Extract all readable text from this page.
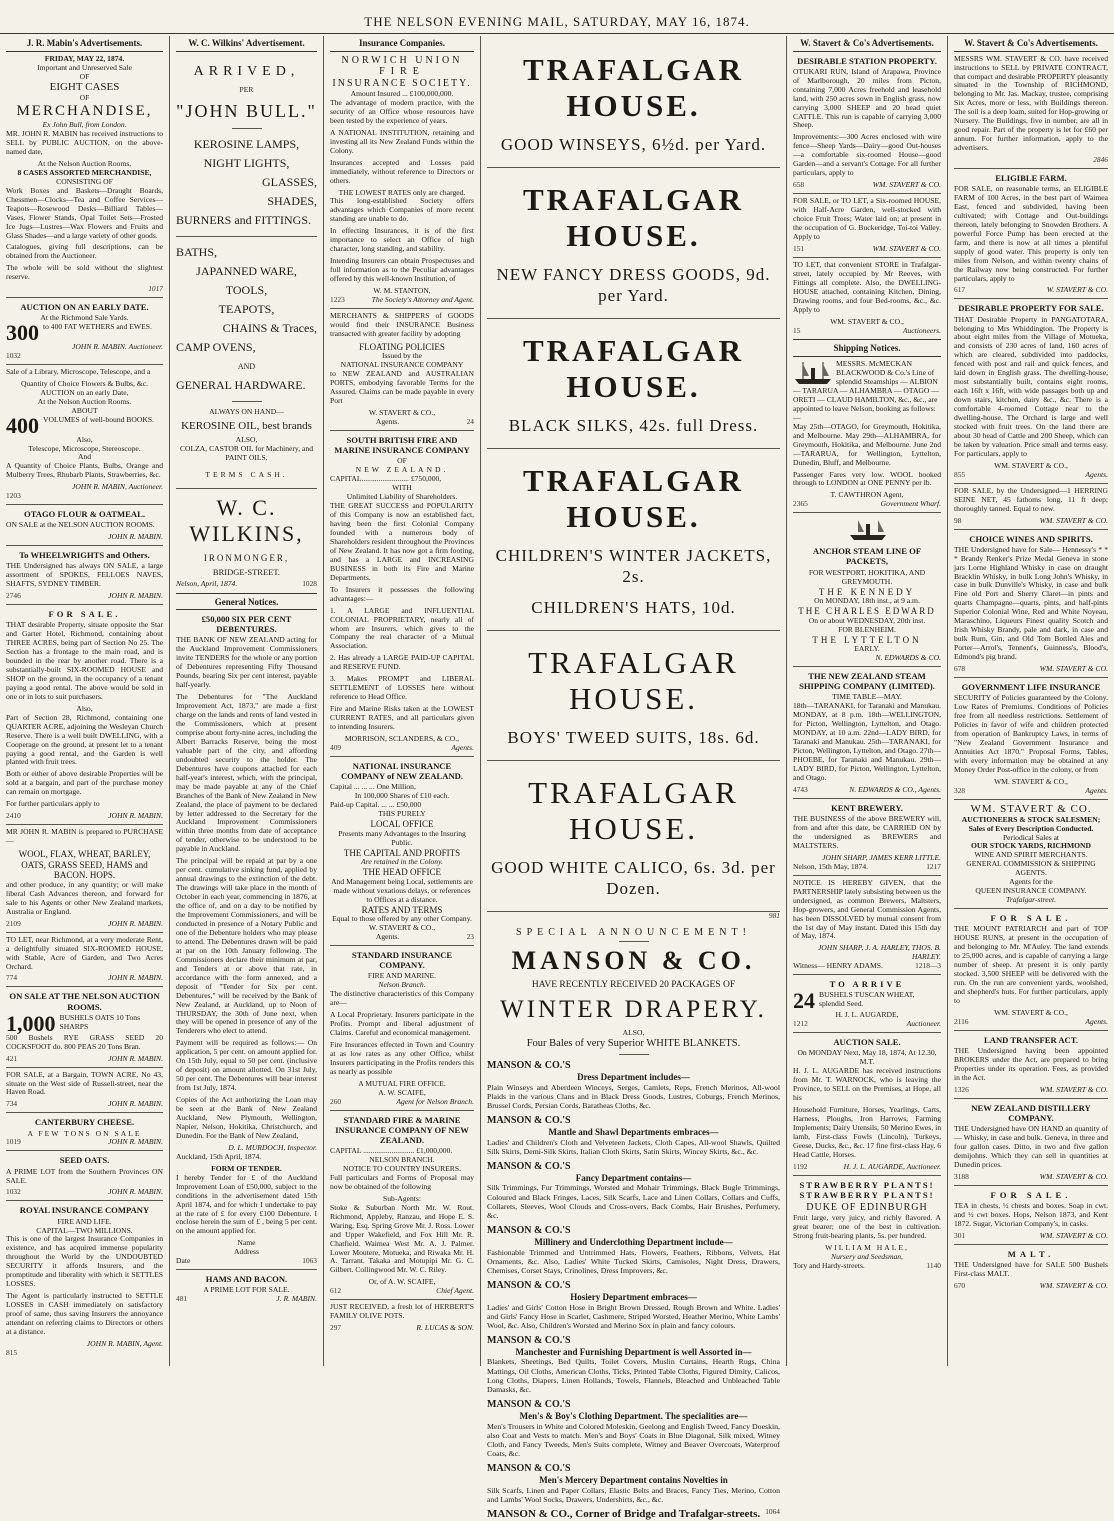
THE NELSON EVENING MAIL, SATURDAY, MAY 16, 1874.
J. R. Mabin's Advertisements.
FRIDAY, MAY 22, 1874.
Important and Unreserved Sale
OF
EIGHT CASES
OF
MERCHANDISE,
Ex John Bull, from London.
MR. JOHN R. MABIN has received instructions to SELL by PUBLIC AUCTION, on the above-named date,
At the Nelson Auction Rooms,
8 CASES ASSORTED MERCHANDISE,
CONSISTING OF
Work Boxes and Baskets—Draught Boards, Chessmen—Clocks—Tea and Coffee Services—Teapots—Rosewood Desks—Billiard Tables—Vases, Flower Stands, Opal Toilet Sets—Frosted Ice Jugs—Lustres—Wax Flowers and Fruits and Glass Shades—and a large variety of other goods.
Catalogues, giving full descriptions, can be obtained from the Auctioneer.
The whole will be sold without the slightest reserve.
1017
AUCTION ON AN EARLY DATE.
At the Richmond Sale Yards.
300 to 400 FAT WETHERS and EWES.
JOHN R. MABIN. Auctioneer.
1032
Sale of a Library, Microscope, Telescope, and a
Quantity of Choice Flowers & Bulbs, &c.
AUCTION on an early Date,
At the Nelson Auction Rooms.
ABOUT
400 VOLUMES of well-bound BOOKS.
Also,
Telescope, Microscope, Stereoscope.
And
A Quantity of Choice Plants, Bulbs, Orange and Mulberry Trees, Rhubarb Plants, Strawberries, &c.
JOHN R. MABIN, Auctioneer.
1203
OTAGO FLOUR & OATMEAL.
ON SALE at the NELSON AUCTION ROOMS.
JOHN R. MABIN.
To WHEELWRIGHTS and Others.
THE Undersigned has always ON SALE, a large assortment of SPOKES, FELLOES NAVES, SHAFTS, SYDNEY TIMBER.
2746	JOHN R. MABIN.
FOR SALE.
THAT desirable Property, situate opposite the Star and Garter Hotel, Richmond, containing about THREE ACRES, being part of Section No 25. The Section has a frontage to the main road, and is bounded in the rear by another road. There is a substantially-built SIX-ROOMED HOUSE and SHOP on the ground, in the occupancy of a tenant paying a good rental. The above would be sold in one or in lots to suit purchasers.
Also,
Part of Section 28, Richmond, containing one QUARTER ACRE, adjoining the Wesleyan Church Reserve. There is a well built DWELLING, with a Cooperage on the ground, at present let to a tenant paying a good rental, and the Garden is well planted with fruit trees.
Both or either of above desirable Properties will be sold at a bargain, and part of the purchase money can remain on mortgage.
For further particulars apply to
2410	JOHN R. MABIN.
MR JOHN R. MABIN is prepared to PURCHASE—
WOOL, FLAX, WHEAT, BARLEY, OATS, GRASS SEED, HAMS and BACON. HOPS.
and other produce, in any quantity; or will make liberal Cash Advances thereon, and forward for sale to his Agents or other New Zealand markets, Australia or England.
2109	JOHN R. MABIN.
TO LET, near Richmond, at a very moderate Rent, a delightfully situated SIX-ROOMED HOUSE, with Stable, Acre of Garden, and Two Acres Orchard.
774	JOHN R. MABIN.
ON SALE AT THE NELSON AUCTION ROOMS.
1,000 BUSHELS OATS 10 Tons SHARPS
500 Bushels RYE GRASS SEED 20 COCKSFOOT do. 800 PEAS 20 Tons Bran.
421	JOHN R. MABIN.
FOR SALE, at a Bargain, TOWN ACRE, No 43, situate on the West side of Russell-street, near the Haven Road.
734	JOHN R. MABIN.
CANTERBURY CHEESE.
A FEW TONS ON SALE
1019	JOHN R. MABIN.
SEED OATS.
A PRIME LOT from the Southern Provinces ON SALE.
1032	JOHN R. MABIN.
ROYAL INSURANCE COMPANY
FIRE AND LIFE.
CAPITAL—TWO MILLIONS.
This is one of the largest Insurance Companies in existence, and has acquired immense popularity throughout the World by the UNDOUBTED SECURITY it affords Insurers, and the promptitude and liberality with which it SETTLES LOSSES.
The Agent is particularly instructed to SETTLE LOSSES in CASH immediately on satisfactory proof of same, thus saving Insurers the annoyance attendant on referring claims to Directors or others at a distance.
JOHN R. MABIN, Agent.
815
W. C. Wilkins' Advertisement.
ARRIVED,
PER
"JOHN BULL."
KEROSINE LAMPS,
NIGHT LIGHTS,
GLASSES,
SHADES,
BURNERS and FITTINGS.
BATHS,
JAPANNED WARE,
TOOLS,
TEAPOTS,
CHAINS & Traces,
CAMP OVENS,
AND
GENERAL HARDWARE.
ALWAYS ON HAND—
KEROSINE OIL, best brands
ALSO,
COLZA, CASTOR OIL for Machinery, and PAINT OILS.
TERMS CASH.
W. C. WILKINS,
IRONMONGER,
BRIDGE-STREET.
Nelson, April, 1874.	1028
General Notices.
£50,000 SIX PER CENT DEBENTURES.
THE BANK OF NEW ZEALAND acting for the Auckland Improvement Commissioners invite TENDERS for the whole or any portion of Debentures representing Fifty Thousand Pounds, bearing Six per cent interest, payable half-yearly.
The Debentures for "The Auckland Improvement Act, 1873," are made a first charge on the lands and rents of land vested in the Commissioners, which at present comprise about forty-nine acres, including the Albert Barracks Reserve, being the most valuable part of the city, and affording undoubted security to the holder. The Debentures have coupons attached for each half-year's interest, which, with the principal, may be made payable at any of the Chief Branches of the Bank of New Zealand in New Zealand, the place of payment to be declared by letter addressed to the Secretary for the Auckland Improvement Commissioners within three months from date of acceptance of tender, otherwise to be understood to be payable in Auckland.
The principal will be repaid at par by a one per cent. cumulative sinking fund, applied by annual drawings to the extinction of the debt. The drawings will take place in the month of October in each year, commencing in 1876, at the office of, and on a day to be notified by the Improvement Commissioners, and will be conducted in presence of a Notary Public and one of the Debenture holders who may please to attend. The Debentures drawn will be paid at par on the 10th January following. The Commissioners declare their minimum at par, and Tenders at or above that rate, in accordance with the form annexed, and a deposit of "Tender for Six per cent. Debentures," will be received by the Bank of New Zealand, at Auckland, up to Noon of THURSDAY, the 30th of June next, when they will be opened in presence of any of the Tenderers who elect to attend.
Payment will be required as follows:— On application, 5 per cent. on amount applied for. On 15th July, equal to 50 per cent. (inclusive of deposit) on amount allotted. On 31st July, 50 per cent. The Debentures will bear interest from 1st July, 1874.
Copies of the Act authorizing the Loan may be seen at the Bank of New Zealand Auckland, New Plymouth, Wellington, Napier, Nelson, Hokitika, Christchurch, and Dunedin. For the Bank of New Zealand,
D. L. MURDOCH, Inspector.
Auckland, 15th April, 1874.
FORM OF TENDER.
I hereby Tender for £ of the Auckland Improvement Loan of £50,000, subject to the conditions in the advertisement dated 15th April 1874, and for which I undertake to pay at the rate of £ for every £100 Debenture. I enclose herein the sum of £ , being 5 per cent. on the amount applied for.
Name
Address
Date	1063
HAMS AND BACON.
A PRIME LOT FOR SALE.
481	J. R. MABIN.
Insurance Companies.
NORWICH UNION
FIRE
INSURANCE SOCIETY.
Amount Insured ... £100,000,000.
The advantage of modern practice, with the security of an Office whose resources have been tested by the experience of years.
A NATIONAL INSTITUTION, retaining and investing all its New Zealand Funds within the Colony.
Insurances accepted and Losses paid immediately, without reference to Directors or others.
THE LOWEST RATES only are charged.
This long-established Society offers advantages which Companies of more recent standing are unable to do.
In effecting Insurances, it is of the first importance to select an Office of high character, long standing, and stability.
Intending Insurers can obtain Prospectuses and full information as to the Peculiar advantages offered by this well-known Institution, of
W. M. STANTON,
1223	The Society's Attorney and Agent.
MERCHANTS & SHIPPERS of GOODS would find their INSURANCE Business transacted with greater facility by adopting
FLOATING POLICIES
Issued by the
NATIONAL INSURANCE COMPANY
to NEW ZEALAND and AUSTRALIAN PORTS, embodying favorable Terms for the Assured. Claims can be made payable in every Port
W. STAVERT & CO.,
Agents.	24
SOUTH BRITISH FIRE AND MARINE INSURANCE COMPANY
OF
NEW ZEALAND.
CAPITAL......................... £750,000,
WITH
Unlimited Liability of Shareholders.
THE GREAT SUCCESS and POPULARITY of this Company is now an established fact, having been the first Colonial Company founded with a numerous body of Shareholders resident throughout the Provinces of New Zealand. It has now got a firm footing, and has a LARGE and INCREASING BUSINESS in both its Fire and Marine Departments.
To Insurers it possesses the following advantages:—
1. A LARGE and INFLUENTIAL COLONIAL PROPRIETARY, nearly all of whom are Insurers, which gives to the Company the real character of a Mutual Association.
2. Has already a LARGE PAID-UP CAPITAL and RESERVE FUND.
3. Makes PROMPT and LIBERAL SETTLEMENT of LOSSES here without reference to Head Office.
Fire and Marine Risks taken at the LOWEST CURRENT RATES, and all particulars given to intending Insurers.
MORRISON, SCLANDERS, & CO.,
409	Agents.
NATIONAL INSURANCE COMPANY of NEW ZEALAND.
Capital ... ... ... One Million,
In 100,000 Shares of £10 each.
Paid-up Capital. ... ... £50,000
THIS PURELY
LOCAL OFFICE
Presents many Advantages to the Insuring Public.
THE CAPITAL AND PROFITS
Are retained in the Colony.
THE HEAD OFFICE
And Management being Local, settlements are made without vexatious delays, or references to Offices at a distance.
RATES AND TERMS
Equal to those offered by any other Company.
W. STAVERT & CO.,
Agents.	23
STANDARD INSURANCE COMPANY.
FIRE AND MARINE.
Nelson Branch.
The distinctive characteristics of this Company are—
A Local Proprietary. Insurers participate in the Profits. Prompt and liberal adjustment of Claims. Careful and economical management.
Fire Insurances effected in Town and Country at as low rates as any other Office, whilst Insurers participating in the Profits renders this as nearly as possible
A MUTUAL FIRE OFFICE.
A. W. SCAIFE,
260	Agent for Nelson Branch.
STANDARD FIRE & MARINE INSURANCE COMPANY OF NEW ZEALAND.
CAPITAL ........................... £1,000,000.
NELSON BRANCH.
NOTICE TO COUNTRY INSURERS.
Full particulars and Forms of Proposal may now be obtained of the following
Sub-Agents:
Stoke & Suburban North Mr. W. Rout. Richmond, Appleby, Ranzau, and Hope E. S. Waring, Esq. Spring Grove Mr. J. Ross. Lower and Upper Wakefield, and Fox Hill Mr. R. Chatfield. Waimea West Mr. A. J. Palmer. Lower Moutere, Motueka, and Riwaka Mr. H. A. Tarrant. Takaka and Motupipi Mr. G. C. Gilbert. Collingwood Mr. W. C. Riley.
Or, of A. W. SCAIFE,
612	Chief Agent.
JUST RECEIVED, a fresh lot of HERBERT'S FAMILY OLIVE POTS.
297	R. LUCAS & SON.
TRAFALGAR HOUSE.
GOOD WINSEYS, 6½d. per Yard.
TRAFALGAR HOUSE.
NEW FANCY DRESS GOODS, 9d. per Yard.
TRAFALGAR HOUSE.
BLACK SILKS, 42s. full Dress.
TRAFALGAR HOUSE.
CHILDREN'S WINTER JACKETS, 2s.
CHILDREN'S HATS, 10d.
TRAFALGAR HOUSE.
BOYS' TWEED SUITS, 18s. 6d.
TRAFALGAR HOUSE.
GOOD WHITE CALICO, 6s. 3d. per Dozen.
981
SPECIAL ANNOUNCEMENT!
MANSON & CO.
HAVE RECENTLY RECEIVED 20 PACKAGES OF
WINTER DRAPERY.
ALSO,
Four Bales of very Superior WHITE BLANKETS.
MANSON & CO.'S
Dress Department includes—
Plain Winseys and Aberdeen Winceys, Serges, Camlets, Reps, French Merinos, All-wool Plaids in the various Clans and in Black Dress Goods, Lustres, Coburgs, French Merinos, Brussel Cords, Persian Cords, Baratheas Cloths, &c.
MANSON & CO.'S
Mantle and Shawl Departments embraces—
Ladies' and Children's Cloth and Velveteen Jackets, Cloth Capes, All-wool Shawls, Quilted Silk Skirts, Demi-Silk Skirts, Italian Cloth Skirts, Satin Skirts, Wincey Skirts, &c., &c.
MANSON & CO.'S
Fancy Department contains—
Silk Trimmings, Fur Trimmings, Worsted and Mohair Trimmings, Black Bugle Trimmings, Coloured and Black Fringes, Laces, Silk Scarfs, Lace and Linen Collars, Collars and Cuffs, Collarets, Sleeves, Wool Clouds and Cross-overs, Back Combs, Hair Brushes, Perfumery, &c.
MANSON & CO.'S
Millinery and Underclothing Department include—
Fashionable Trimmed and Untrimmed Hats, Flowers, Feathers, Ribbons, Velvets, Hat Ornaments, &c. Also, Ladies' White Tucked Skirts, Camisoles, Night Dress, Drawers, Chemises, Corset Stays, Crinolines, Dress Improvers, &c.
MANSON & CO.'S
Hosiery Department embraces—
Ladies' and Girls' Cotton Hose in Bright Brown Dressed, Rough Brown and White. Ladies' and Girls' Fancy Hose in Scarlet, Cashmere, Striped Worsted, Heather Merino, White Lambs' Wool, &c. Also, Children's Worsted and Merino Sox in plain and fancy colours.
MANSON & CO.'S
Manchester and Furnishing Department is well Assorted in—
Blankets, Sheetings, Bed Quilts, Toilet Covers, Muslin Curtains, Hearth Rugs, China Mattings, Oil Cloths, American Cloths, Ticks, Printed Table Cloths, Figured Dimity, Calicos, Long Cloths, Diapers, Linen Hollands, Towels, Flannels, Bleached and Unbleached Table Damasks, &c.
MANSON & CO.'S
Men's & Boy's Clothing Department. The specialities are—
Men's Trousers in White and Colored Moleskin, Geelong and English Tweed, Fancy Doeskin, also Coat and Vests to match. Men's and Boys' Coats in Blue Diagonal, Silk mixed, Witney Cloth, and Fancy Tweeds, Men's Suits complete, Witney and Beaver Overcoats, Waterproof Coats, &c.
MANSON & CO.'S
Men's Mercery Department contains Novelties in
Silk Scarfs, Linen and Paper Collars, Elastic Belts and Braces, Fancy Ties, Merino, Cotton and Lambs' Wool Socks, Drawers, Undershirts, &c., &c.
MANSON & CO., Corner of Bridge and Trafalgar-streets. 1064
W. Stavert & Co's Advertisements.
DESIRABLE STATION PROPERTY.
OTUKARI RUN, Island of Arapawa, Province of Marlborough, 20 miles from Picton, containing 7,000 Acres freehold and leasehold land, with 250 acres sown in English grass, now carrying 3,000 SHEEP and 20 head quiet CATTLE. This run is capable of carrying 3,000 Sheep.
Improvements:—300 Acres enclosed with wire fence—Sheep Yards—Dairy—good Out-houses—a comfortable six-roomed House—good Garden—and a servant's Cottage. For all further particulars, apply to
658	WM. STAVERT & CO.
FOR SALE, or TO LET, a Six-roomed HOUSE, with Half-Acre Garden, well-stocked with choice Fruit Trees; Water laid on; at present in the occupation of G. Buckeridge, Toi-toi Valley. Apply to
151	WM. STAVERT & CO.
TO LET, that convenient STORE in Trafalgar-street, lately occupied by Mr Reeves, with Fittings all complete. Also, the DWELLING-HOUSE attached, containing Kitchen, Dining, Drawing rooms, and four Bed-rooms, &c., &c. Apply to
WM. STAVERT & CO.,
15	Auctioneers.
Shipping Notices.
MESSRS. McMECKAN BLACKWOOD & Co.'s Line of splendid Steamships — ALBION — TARARUA — ALHAMBRA — OTAGO — ORETI — CLAUD HAMILTON, &c., &c., are appointed to leave Nelson, booking as follows:—
May 25th—OTAGO, for Greymouth, Hokitika, and Melbourne. May 29th—ALHAMBRA, for Greymouth, Hokitika, and Melbourne. June 2nd—TARARUA, for Wellington, Lyttelton, Dunedin, Bluff, and Melbourne.
Passenger Fares very low. WOOL booked through to LONDON at ONE PENNY per lb.
T. CAWTHRON Agent,
2365	Government Wharf.
ANCHOR STEAM LINE OF PACKETS,
FOR WESTPORT, HOKITIKA, AND GREYMOUTH.
THE KENNEDY
On MONDAY, 18th inst., at 9 a.m.
THE CHARLES EDWARD
On or about WEDNESDAY, 20th inst.
FOR BLENHEIM.
THE LYTTELTON
EARLY.
N. EDWARDS & CO.
THE NEW ZEALAND STEAM SHIPPING COMPANY (LIMITED).
TIME TABLE—MAY.
18th—TARANAKI, for Taranaki and Manukau. MONDAY, at 8 p.m. 18th—WELLINGTON, for Picton, Wellington, Lyttelton, and Otago. MONDAY, at 10 a.m. 22nd—LADY BIRD, for Taranaki and Manukau. 25th—TARANAKI, for Picton, Wellington, Lyttelton, and Otago. 27th—PHOEBE, for Taranaki and Manukau. 29th—LADY BIRD, for Picton, Wellington, Lyttelton, and Otago.
4743	N. EDWARDS & CO., Agents.
KENT BREWERY.
THE BUSINESS of the above BREWERY will, from and after this date, be CARRIED ON by the undersigned as BREWERS and MALTSTERS.
JOHN SHARP, JAMES KERR LITTLE.
Nelson, 15th May, 1874.	1217
NOTICE IS HEREBY GIVEN, that the PARTNERSHIP lately subsisting between us the undersigned, as common Brewers, Maltsters, Hop-growers, and General Commission Agents, has been DISSOLVED by mutual consent from the 1st day of May instant. Dated this 15th day of May, 1874.
JOHN SHARP, J. A. HARLEY, THOS. B. HARLEY.
Witness— HENRY ADAMS.	1218—3
TO ARRIVE
24 BUSHELS TUSCAN WHEAT, splendid Seed.
H. J. L. AUGARDE,
1212	Auctioneer.
AUCTION SALE.
On MONDAY Next, May 18, 1874, At 12.30, M.T.
H. J. L. AUGARDE has received instructions from Mr. T. WARNOCK, who is leaving the Province, to SELL on the Premises, at Hope, all his
Household Furniture, Horses, Yearlings, Carts, Harness, Ploughs, Iron Harrows, Farming Implements; Dairy Utensils, 50 Merino Ewes, in lamb, First-class Fowls (Lincoln), Turkeys, Geese, Ducks, &c., &c. 17 fine first-class Hay, 6 Head Cattle, Horses.
1192	H. J. L. AUGARDE, Auctioneer.
STRAWBERRY PLANTS! STRAWBERRY PLANTS!
DUKE OF EDINBURGH
Fruit large, very juicy, and richly flavored. A great bearer; one of the best in cultivation. Strong fruit-bearing plants, 5s. per hundred.
WILLIAM HALE,
Nursery and Seedsman,
Tory and Hardy-streets.	1140
W. Stavert & Co's Advertisements.
MESSRS WM. STAVERT & CO. have received instructions to SELL by PRIVATE CONTRACT, that compact and desirable PROPERTY pleasantly situated in the Township of RICHMOND, belonging to Mr. Jas. Mackay, trustee, comprising Six Acres, more or less, with Buildings thereon. The soil is a deep loam, suited for Hop-growing or Nursery. The Buildings, five in number, are all in good repair. Part of the property is let for £60 per annum. For further information, apply to the advertisers.
2846
ELIGIBLE FARM.
FOR SALE, on reasonable terms, an ELIGIBLE FARM of 100 Acres, in the best part of Waimea East, fenced and subdivided, having been cultivated; with Cottage and Out-buildings thereon, lately belonging to Snowden Brothers. A powerful Force Pump has been erected at the farm, and there is now at all times a plentiful supply of good water. This property is only ten miles from Nelson, and within twenty chains of the Railway now being constructed. For further particulars, apply to
617	W. STAVERT & CO.
DESIRABLE PROPERTY FOR SALE.
THAT Desirable Property in PANGATOTARA, belonging to Mrs Whiddington. The Property is about eight miles from the Village of Motueka, and consists of 230 acres of land, 160 acres of which are cleared, subdivided into paddocks, fenced with post and rail and quick fences, and laid down in English grass. The dwelling-house, most substantially built, contains eight rooms, each 16ft x 16ft, with wide passages both up and down stairs, kitchen, dairy &c., &c. There is a comfortable 4-roomed Cottage near to the dwelling-house. The Orchard is large and well stocked with fruit trees. On the land there are about 30 head of Cattle and 200 Sheep, which can be taken by valuation. Price small and terms easy. For particulars, apply to
WM. STAVERT & CO.,
855	Agents.
FOR SALE, by the Undersigned—1 HERRING SEINE NET, 45 fathoms long, 11 ft deep; thoroughly tanned. Equal to new.
98	WM. STAVERT & CO.
CHOICE WINES AND SPIRITS.
THE Undersigned have for Sale— Hennessy's * * * Brandy Renker's Prize Medal Geneva in stone jars Lorne Highland Whisky in case on draught Bracklin Whisky, in bulk Long John's Whisky, in case in bulk Dunville's Whisky, in case and bulk Fine old Port and Sherry Claret—in pints and quarts Champagne—quarts, pints, and half-pints Superior Colonial Wine, Red and White Noyeau, Maraschino, Liqueurs Finest quality Scotch and Irish Whisky Brandy, pale and dark, in case and bulk Rum, Gin, and Old Tom Bottled Ales and Porter—Arrol's, Tennent's, Guinness's, Blood's, Edmond's pig brand.
678	WM. STAVERT & CO.
GOVERNMENT LIFE INSURANCE
SECURITY of Policies guaranteed by the Colony. Low Rates of Premiums. Conditions of Policies free from all needless restrictions. Settlement of Policies in favor of wife and children protected from operation of Bankruptcy Laws, in terms of "New Zealand Government Insurance and Annuities Act 1870." Proposal Forms, Tables, with every information may be obtained at any Money Order Post-office in the colony, or from
WM. STAVERT & CO.,
328	Agents.
WM. STAVERT & CO.
AUCTIONEERS & STOCK SALESMEN; Sales of Every Description Conducted.
Periodical Sales at
OUR STOCK YARDS, RICHMOND
WINE AND SPIRIT MERCHANTS.
GENERAL COMMISSION & SHIPPING AGENTS.
Agents for the
QUEEN INSURANCE COMPANY.
Trafalgar-street.
FOR SALE.
THE MOUNT PATRIARCH and part of TOP HOUSE RUNS, at present in the occupation of and belonging to Mr. M'Auley. The land extends to 25,000 acres, and is capable of carrying a large number of sheep. At present it is only partly stocked. 3,500 SHEEP will be delivered with the run. On the run are convenient yards, woolshed, and shepherd's huts. For further particulars, apply to
WM. STAVERT & CO.,
2116	Agents.
LAND TRANSFER ACT.
THE Undersigned having been appointed BROKERS under the Act, are prepared to bring Properties under its operation. Fees, as provided in the Act.
1326	WM. STAVERT & CO.
NEW ZEALAND DISTILLERY COMPANY.
THE Undersigned have ON HAND an quantity of— Whisky, in case and bulk. Geneva, in three and four gallon cases. Ditto, in two and five gallon demijohns. Which they can sell in quantities at Dunedin prices.
3188	WM. STAVERT & CO.
FOR SALE.
TEA in chests, ½ chests and boxes. Soap in cwt. and ½ cwt boxes. Hops, Nelson 1873, and Kent 1872. Sugar, Victorian Company's, in casks.
301	WM. STAVERT & CO.
MALT.
THE Undersigned have for SALE 500 Bushels First-class MALT.
670	WM. STAVERT & CO.
